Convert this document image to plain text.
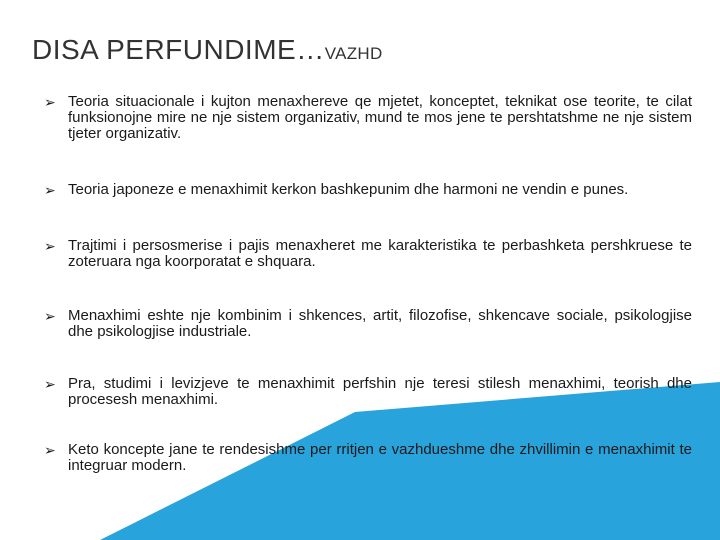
DISA PERFUNDIME…VAZHD
➢ Teoria situacionale i kujton menaxhereve qe mjetet, konceptet, teknikat ose teorite, te cilat funksionojne mire ne nje sistem organizativ, mund te mos jene te pershtatshme ne nje sistem tjeter organizativ.
➢ Teoria japoneze e menaxhimit kerkon bashkepunim dhe harmoni ne vendin e punes.
➢ Trajtimi i persosmerise i pajis menaxheret me karakteristika te perbashketa pershkruese te zoteruara nga koorporatat e shquara.
➢ Menaxhimi eshte nje kombinim i shkences, artit, filozofise, shkencave sociale, psikologjise dhe psikologjise industriale.
➢ Pra, studimi i levizjeve te menaxhimit perfshin nje teresi stilesh menaxhimi, teorish dhe procesesh menaxhimi.
➢ Keto koncepte jane te rendesishme per rritjen e vazhdueshme dhe zhvillimin e menaxhimit te integruar modern.
